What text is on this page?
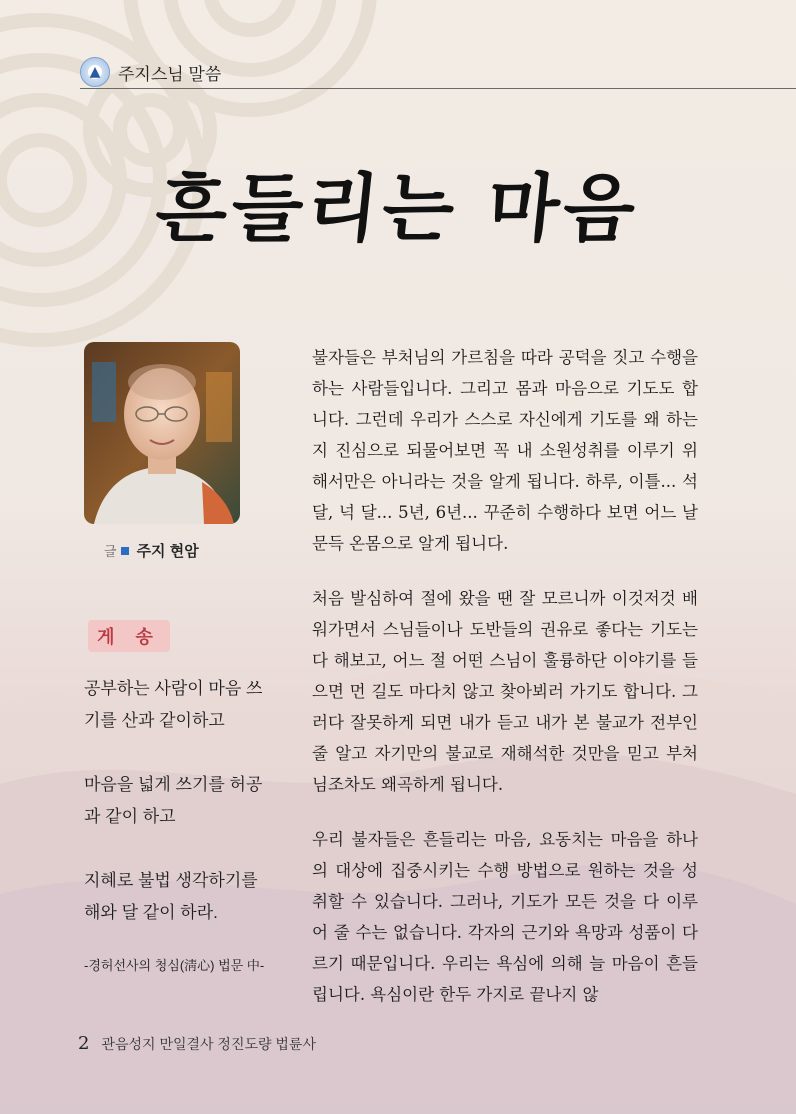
▲	주지스님 말씀
흔들리는 마음
글 주지 현암
게 송

공부하는 사람이 마음 쓰기를 산과 같이하고

마음을 넓게 쓰기를 허공과 같이 하고

지혜로 불법 생각하기를 해와 달 같이 하라.

-경허선사의 청심(淸心) 법문 中-

불자들은 부처님의 가르침을 따라 공덕을 짓고 수행을 하는 사람들입니다. 그리고 몸과 마음으로 기도도 합니다. 그런데 우리가 스스로 자신에게 기도를 왜 하는지 진심으로 되물어보면 꼭 내 소원성취를 이루기 위해서만은 아니라는 것을 알게 됩니다. 하루, 이틀... 석 달, 넉 달... 5년, 6년... 꾸준히 수행하다 보면 어느 날 문득 온몸으로 알게 됩니다.

처음 발심하여 절에 왔을 땐 잘 모르니까 이것저것 배워가면서 스님들이나 도반들의 권유로 좋다는 기도는 다 해보고, 어느 절 어떤 스님이 훌륭하단 이야기를 들으면 먼 길도 마다치 않고 찾아뵈러 가기도 합니다. 그러다 잘못하게 되면 내가 듣고 내가 본 불교가 전부인 줄 알고 자기만의 불교로 재해석한 것만을 믿고 부처님조차도 왜곡하게 됩니다.

우리 불자들은 흔들리는 마음, 요동치는 마음을 하나의 대상에 집중시키는 수행 방법으로 원하는 것을 성취할 수 있습니다. 그러나, 기도가 모든 것을 다 이루어 줄 수는 없습니다. 각자의 근기와 욕망과 성품이 다르기 때문입니다. 우리는 욕심에 의해 늘 마음이 흔들립니다. 욕심이란 한두 가지로 끝나지 않

2 관음성지 만일결사 정진도량 법륜사
